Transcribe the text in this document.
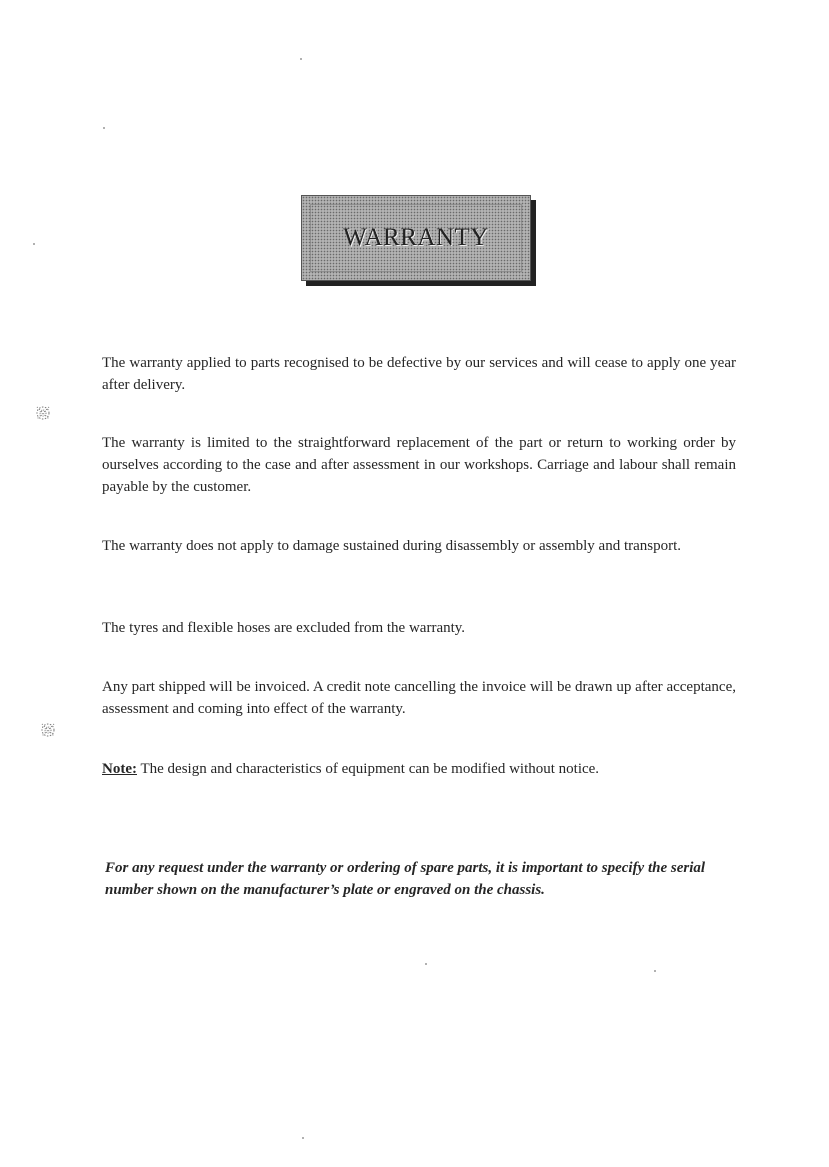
WARRANTY

The warranty applied to parts recognised to be defective by our services and will cease to apply one year after delivery.

The warranty is limited to the straightforward replacement of the part or return to working order by ourselves according to the case and after assessment in our workshops. Carriage and labour shall remain payable by the customer.

The warranty does not apply to damage sustained during disassembly or assembly and transport.

The tyres and flexible hoses are excluded from the warranty.

Any part shipped will be invoiced. A credit note cancelling the invoice will be drawn up after acceptance, assessment and coming into effect of the warranty.

Note: The design and characteristics of equipment can be modified without notice.

For any request under the warranty or ordering of spare parts, it is important to specify the serial number shown on the manufacturer’s plate or engraved on the chassis.
